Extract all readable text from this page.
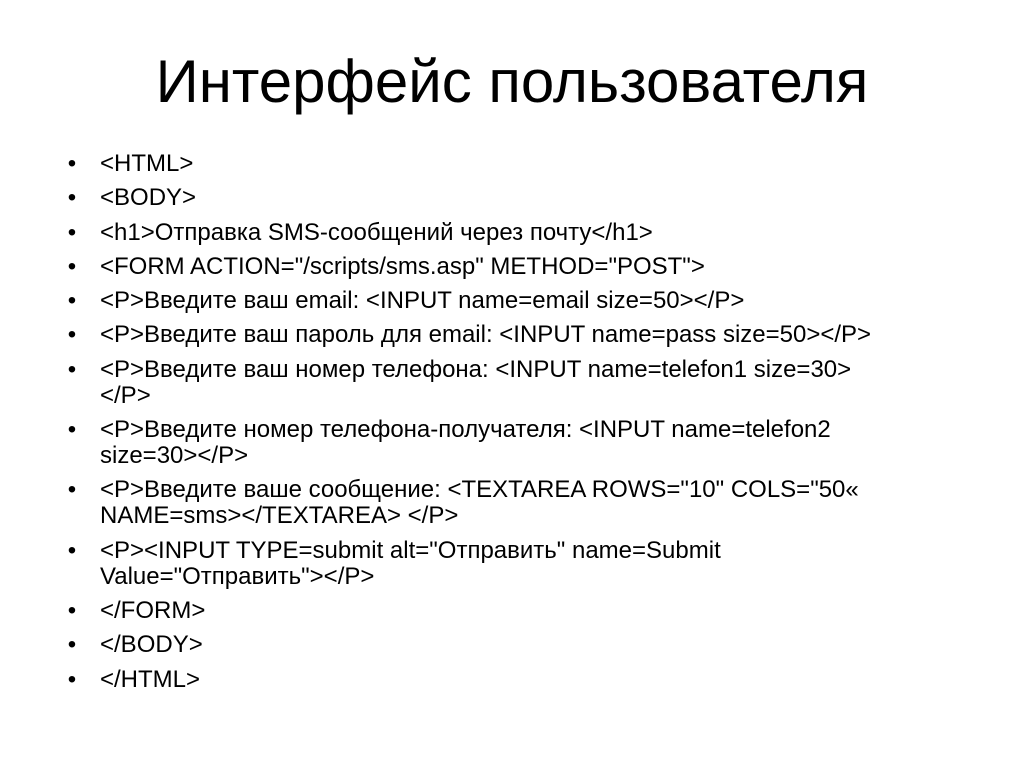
Интерфейс пользователя
• <HTML>
• <BODY>
• <h1>Отправка SMS-сообщений через почту</h1>
• <FORM ACTION="/scripts/sms.asp" METHOD="POST">
• <P>Введите ваш email: <INPUT name=email size=50></P>
• <P>Введите ваш пароль для email: <INPUT name=pass size=50></P>
• <P>Введите ваш номер телефона: <INPUT name=telefon1 size=30></P>
• <P>Введите номер телефона-получателя: <INPUT name=telefon2 size=30></P>
• <P>Введите ваше сообщение: <TEXTAREA ROWS="10" COLS="50« NAME=sms></TEXTAREA> </P>
• <P><INPUT TYPE=submit alt="Отправить" name=Submit Value="Отправить"></P>
• </FORM>
• </BODY>
• </HTML>
